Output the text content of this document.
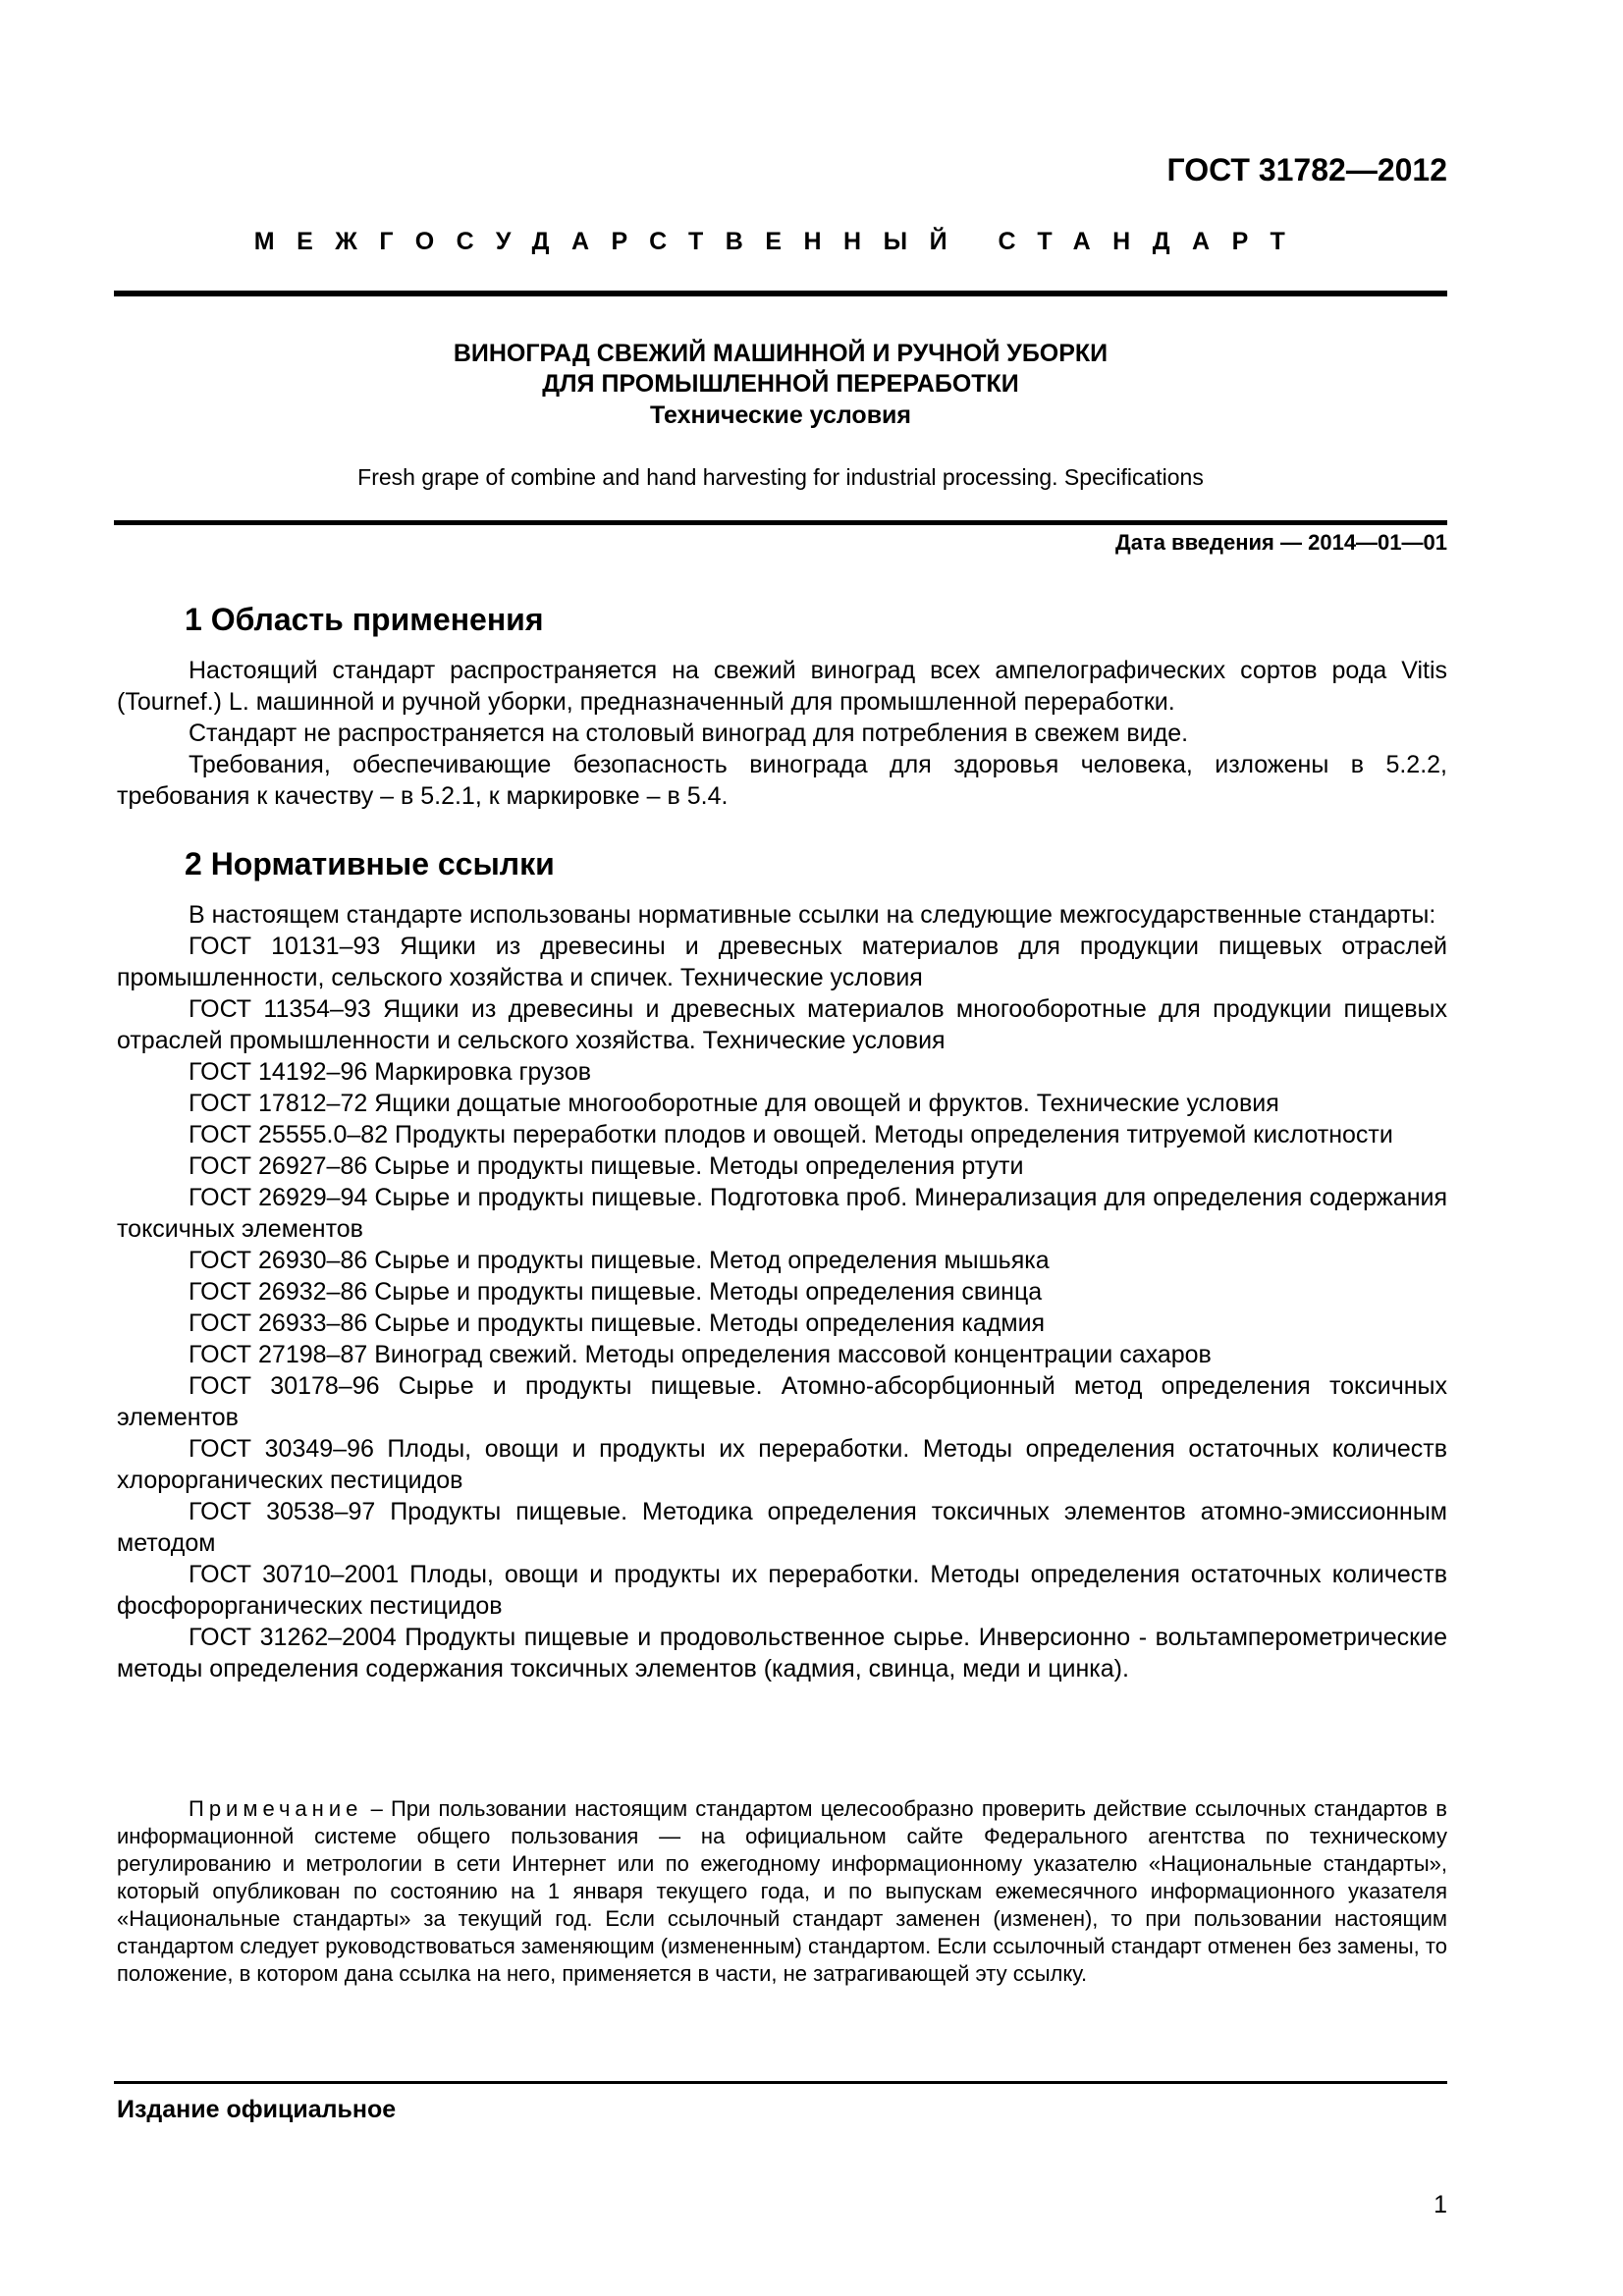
ГОСТ 31782—2012
МЕЖГОСУДАРСТВЕННЫЙ СТАНДАРТ
ВИНОГРАД СВЕЖИЙ МАШИННОЙ И РУЧНОЙ УБОРКИ
ДЛЯ ПРОМЫШЛЕННОЙ ПЕРЕРАБОТКИ
Технические условия
Fresh grape of combine and hand harvesting for industrial processing. Specifications
Дата введения — 2014—01—01
1 Область применения
Настоящий стандарт распространяется на свежий виноград всех ампелографических сортов рода Vitis (Tournef.) L. машинной и ручной уборки, предназначенный для промышленной переработки.
Стандарт не распространяется на столовый виноград для потребления в свежем виде.
Требования, обеспечивающие безопасность винограда для здоровья человека, изложены в 5.2.2, требования к качеству – в 5.2.1, к маркировке – в 5.4.
2 Нормативные ссылки
В настоящем стандарте использованы нормативные ссылки на следующие межгосударственные стандарты:
ГОСТ 10131–93 Ящики из древесины и древесных материалов для продукции пищевых отраслей промышленности, сельского хозяйства и спичек. Технические условия
ГОСТ 11354–93 Ящики из древесины и древесных материалов многооборотные для продукции пищевых отраслей промышленности и сельского хозяйства. Технические условия
ГОСТ 14192–96 Маркировка грузов
ГОСТ 17812–72 Ящики дощатые многооборотные для овощей и фруктов. Технические условия
ГОСТ 25555.0–82 Продукты переработки плодов и овощей. Методы определения титруемой кислотности
ГОСТ 26927–86 Сырье и продукты пищевые. Методы определения ртути
ГОСТ 26929–94 Сырье и продукты пищевые. Подготовка проб. Минерализация для определения содержания токсичных элементов
ГОСТ 26930–86 Сырье и продукты пищевые. Метод определения мышьяка
ГОСТ 26932–86 Сырье и продукты пищевые. Методы определения свинца
ГОСТ 26933–86 Сырье и продукты пищевые. Методы определения кадмия
ГОСТ 27198–87 Виноград свежий. Методы определения массовой концентрации сахаров
ГОСТ 30178–96 Сырье и продукты пищевые. Атомно-абсорбционный метод определения токсичных элементов
ГОСТ 30349–96 Плоды, овощи и продукты их переработки. Методы определения остаточных количеств хлорорганических пестицидов
ГОСТ 30538–97 Продукты пищевые. Методика определения токсичных элементов атомно-эмиссионным методом
ГОСТ 30710–2001 Плоды, овощи и продукты их переработки. Методы определения остаточных количеств фосфорорганических пестицидов
ГОСТ 31262–2004 Продукты пищевые и продовольственное сырье. Инверсионно - вольтамперометрические методы определения содержания токсичных элементов (кадмия, свинца, меди и цинка).
Примечание – При пользовании настоящим стандартом целесообразно проверить действие ссылочных стандартов в информационной системе общего пользования — на официальном сайте Федерального агентства по техническому регулированию и метрологии в сети Интернет или по ежегодному информационному указателю «Национальные стандарты», который опубликован по состоянию на 1 января текущего года, и по выпускам ежемесячного информационного указателя «Национальные стандарты» за текущий год. Если ссылочный стандарт заменен (изменен), то при пользовании настоящим стандартом следует руководствоваться заменяющим (измененным) стандартом. Если ссылочный стандарт отменен без замены, то положение, в котором дана ссылка на него, применяется в части, не затрагивающей эту ссылку.
Издание официальное
1
